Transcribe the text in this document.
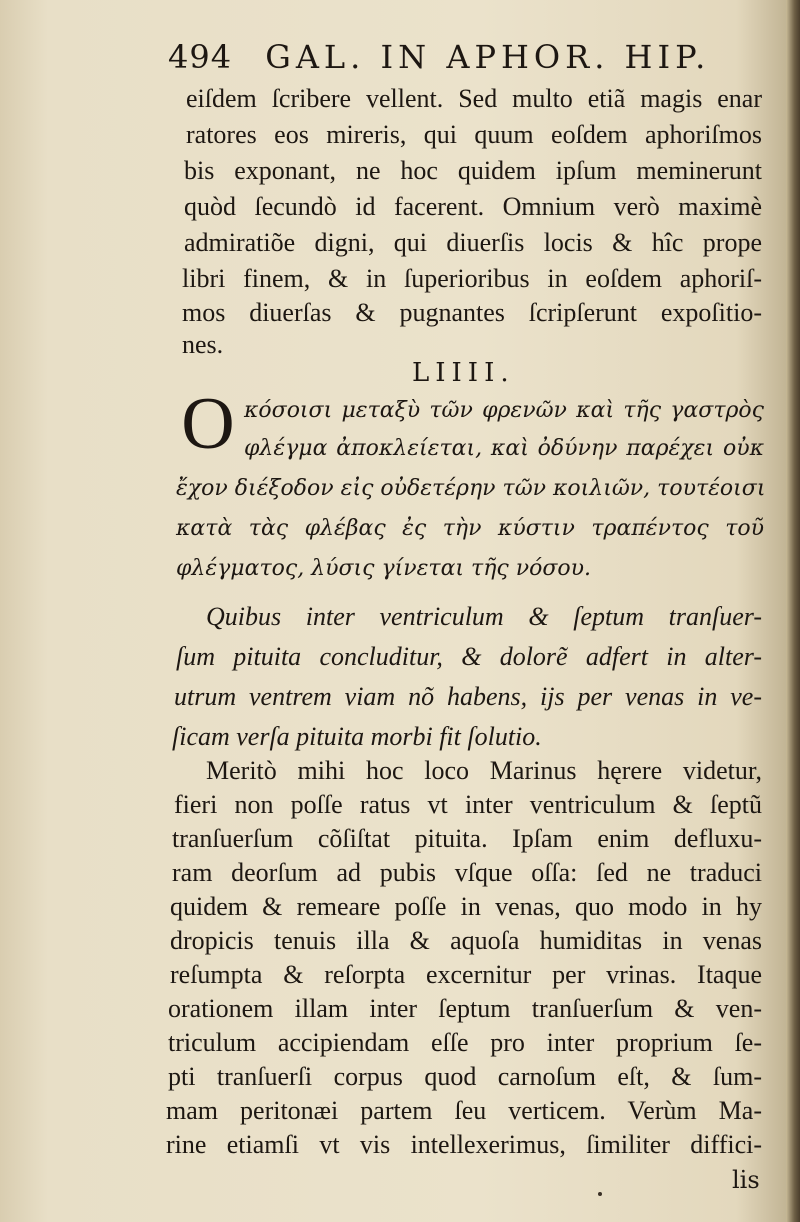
494 GAL. IN APHOR. HIP.
eiſdem ſcribere vellent. Sed multo etiã magis enar
ratores eos mireris, qui quum eoſdem aphoriſmos
bis exponant, ne hoc quidem ipſum meminerunt
quòd ſecundò id facerent. Omnium verò maximè
admiratiõe digni, qui diuerſis locis & hîc prope
libri finem, & in ſuperioribus in eoſdem aphoriſ-
mos diuerſas & pugnantes ſcripſerunt expoſitio-
nes.
LIIII.
O κόσοισι μεταξὺ τῶν φρενῶν καὶ τῆς γαστρὸς
φλέγμα ἀποκλείεται, καὶ ὀδύνην παρέχει οὐκ
ἔχον διέξοδον εἰς οὐδετέρην τῶν κοιλιῶν, τουτέοισι
κατὰ τὰς φλέβας ἐς τὴν κύστιν τραπέντος τοῦ
φλέγματος, λύσις γίνεται τῆς νόσου.
Quibus inter ventriculum & ſeptum tranſuer-
ſum pituita concluditur, & dolorẽ adfert in alter-
utrum ventrem viam nõ habens, ijs per venas in ve-
ſicam verſa pituita morbi fit ſolutio.
Meritò mihi hoc loco Marinus hęrere videtur,
fieri non poſſe ratus vt inter ventriculum & ſeptũ
tranſuerſum cõſiſtat pituita. Ipſam enim defluxu-
ram deorſum ad pubis vſque oſſa: ſed ne traduci
quidem & remeare poſſe in venas, quo modo in hy
dropicis tenuis illa & aquoſa humiditas in venas
reſumpta & reſorpta excernitur per vrinas. Itaque
orationem illam inter ſeptum tranſuerſum & ven-
triculum accipiendam eſſe pro inter proprium ſe-
pti tranſuerſi corpus quod carnoſum eſt, & ſum-
mam peritonæi partem ſeu verticem. Verùm Ma-
rine etiamſi vt vis intellexerimus, ſimiliter diffici-
lis
